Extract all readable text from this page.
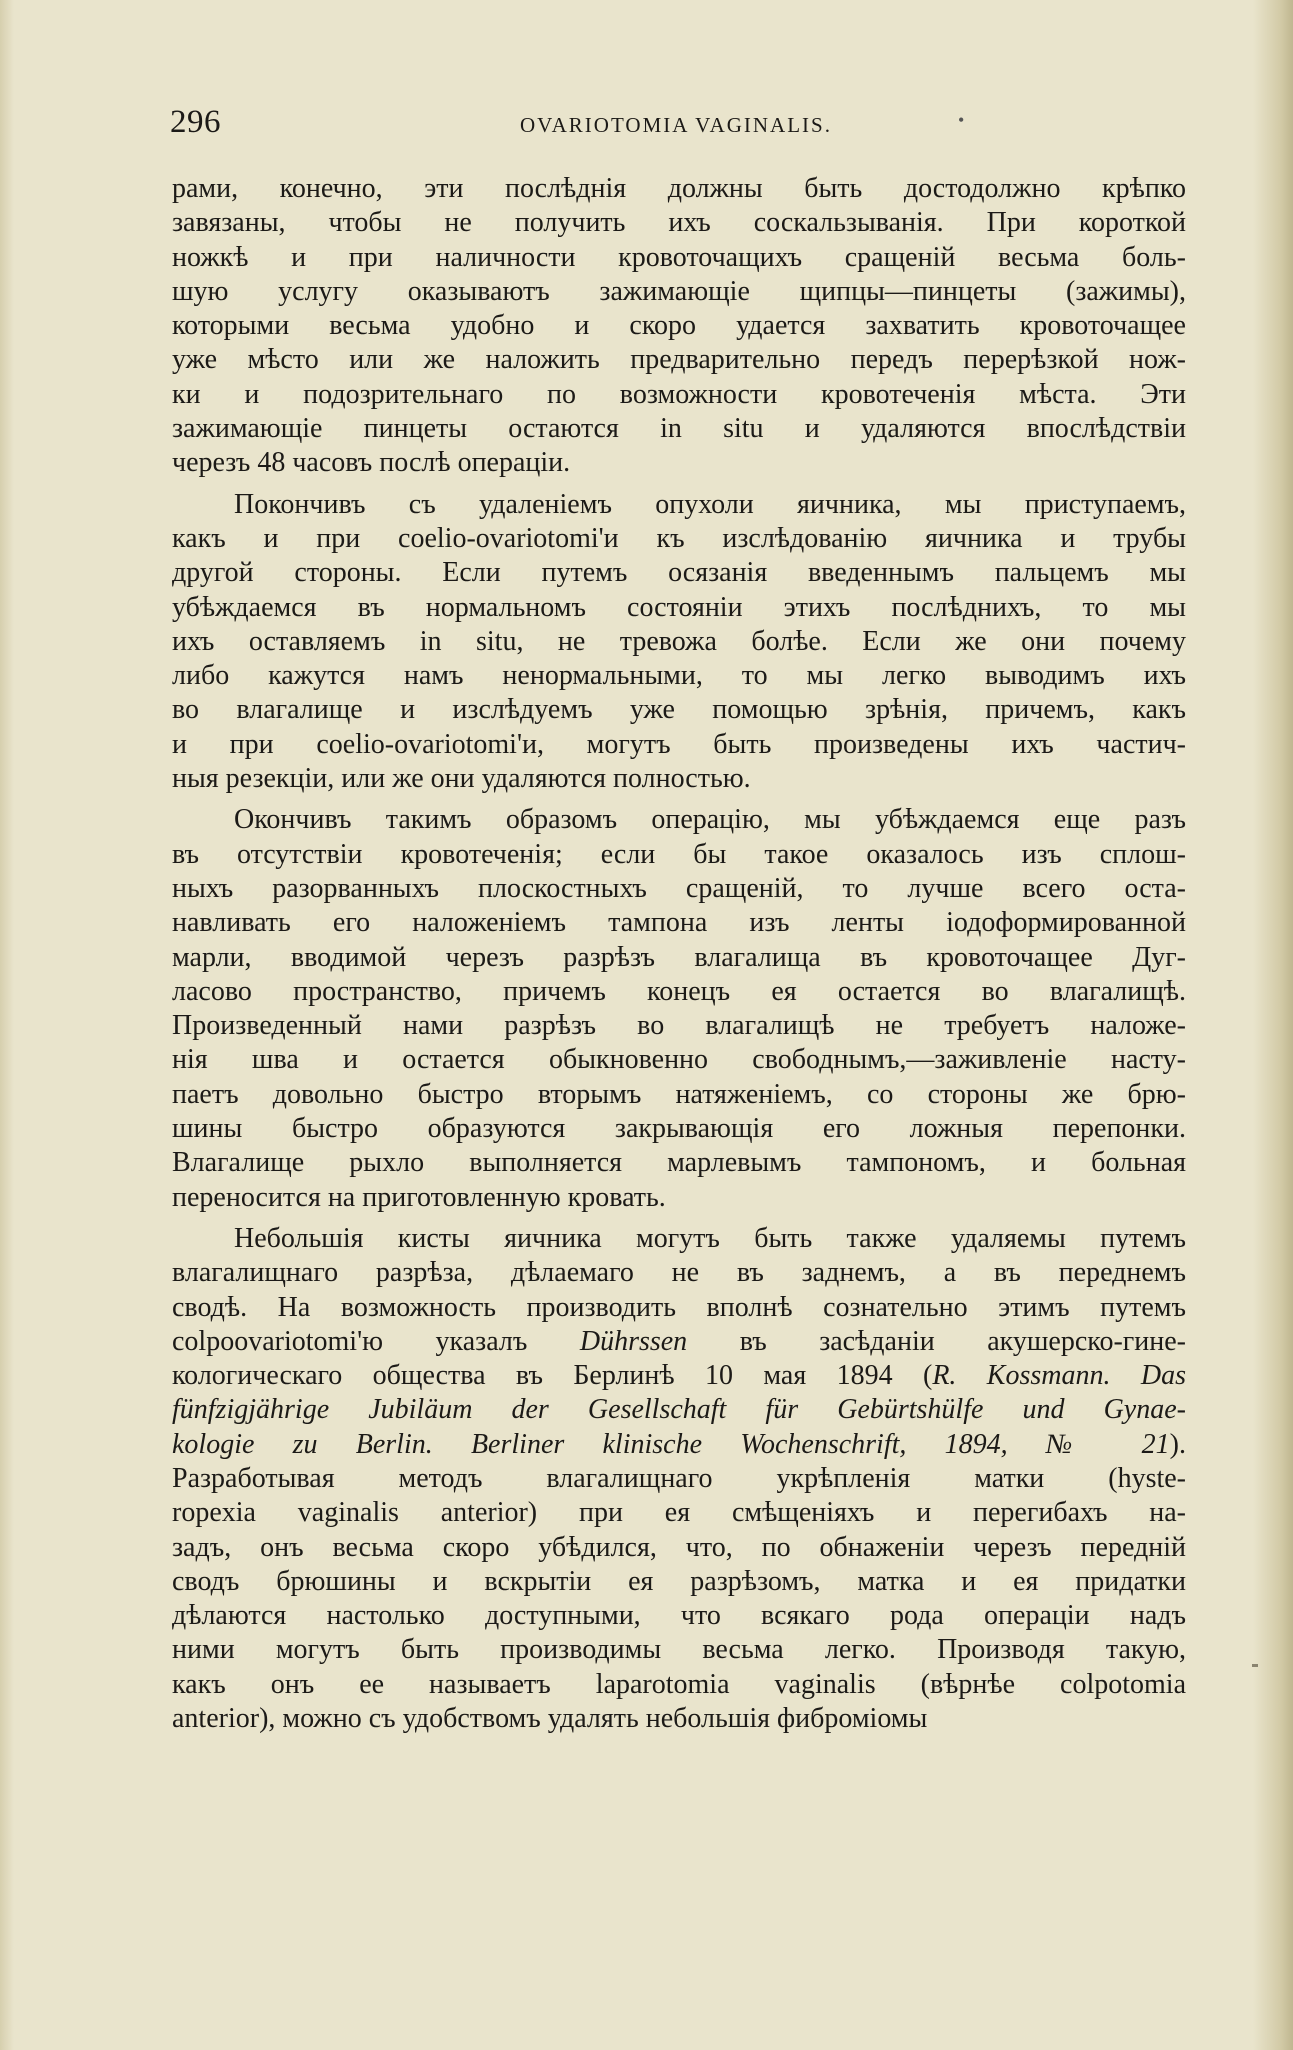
296	OVARIOTOMIA VAGINALIS.	•
рами, конечно, эти послѣднія должны быть достодолжно крѣпко
завязаны, чтобы не получить ихъ соскальзыванія. При короткой
ножкѣ и при наличности кровоточащихъ сращеній весьма боль-
шую услугу оказываютъ зажимающіе щипцы—пинцеты (зажимы),
которыми весьма удобно и скоро удается захватить кровоточащее
уже мѣсто или же наложить предварительно передъ перерѣзкой нож-
ки и подозрительнаго по возможности кровотеченія мѣста. Эти
зажимающіе пинцеты остаются in situ и удаляются впослѣдствіи
черезъ 48 часовъ послѣ операціи.
Покончивъ съ удаленіемъ опухоли яичника, мы приступаемъ,
какъ и при coelio-ovariotomi'и къ изслѣдованію яичника и трубы
другой стороны. Если путемъ осязанія введеннымъ пальцемъ мы
убѣждаемся въ нормальномъ состояніи этихъ послѣднихъ, то мы
ихъ оставляемъ in situ, не тревожа болѣе. Если же они почему
либо кажутся намъ ненормальными, то мы легко выводимъ ихъ
во влагалище и изслѣдуемъ уже помощью зрѣнія, причемъ, какъ
и при coelio-ovariotomi'и, могутъ быть произведены ихъ частич-
ныя резекціи, или же они удаляются полностью.
Окончивъ такимъ образомъ операцію, мы убѣждаемся еще разъ
въ отсутствіи кровотеченія; если бы такое оказалось изъ сплош-
ныхъ разорванныхъ плоскостныхъ сращеній, то лучше всего оста-
навливать его наложеніемъ тампона изъ ленты іодоформированной
марли, вводимой черезъ разрѣзъ влагалища въ кровоточащее Дуг-
ласово пространство, причемъ конецъ ея остается во влагалищѣ.
Произведенный нами разрѣзъ во влагалищѣ не требуетъ наложе-
нія шва и остается обыкновенно свободнымъ,—заживленіе насту-
паетъ довольно быстро вторымъ натяженіемъ, со стороны же брю-
шины быстро образуются закрывающія его ложныя перепонки.
Влагалище рыхло выполняется марлевымъ тампономъ, и больная
переносится на приготовленную кровать.
Небольшія кисты яичника могутъ быть также удаляемы путемъ
влагалищнаго разрѣза, дѣлаемаго не въ заднемъ, а въ переднемъ
сводѣ. На возможность производить вполнѣ сознательно этимъ путемъ
colpoovariotomi'ю указалъ Dührssen въ засѣданіи акушерско-гине-
кологическаго общества въ Берлинѣ 10 мая 1894 (R. Kossmann. Das
fünfzigjährige Jubiläum der Gesellschaft für Gebürtshülfe und Gynae-
kologie zu Berlin. Berliner klinische Wochenschrift, 1894, № 21).
Разработывая методъ влагалищнаго укрѣпленія матки (hyste-
ropexia vaginalis anterior) при ея смѣщеніяхъ и перегибахъ на-
задъ, онъ весьма скоро убѣдился, что, по обнаженіи черезъ передній
сводъ брюшины и вскрытіи ея разрѣзомъ, матка и ея придатки
дѣлаются настолько доступными, что всякаго рода операціи надъ
ними могутъ быть производимы весьма легко. Производя такую,
какъ онъ ее называетъ laparotomia vaginalis (вѣрнѣе colpotomia
anterior), можно съ удобствомъ удалять небольшія фиброміомы
